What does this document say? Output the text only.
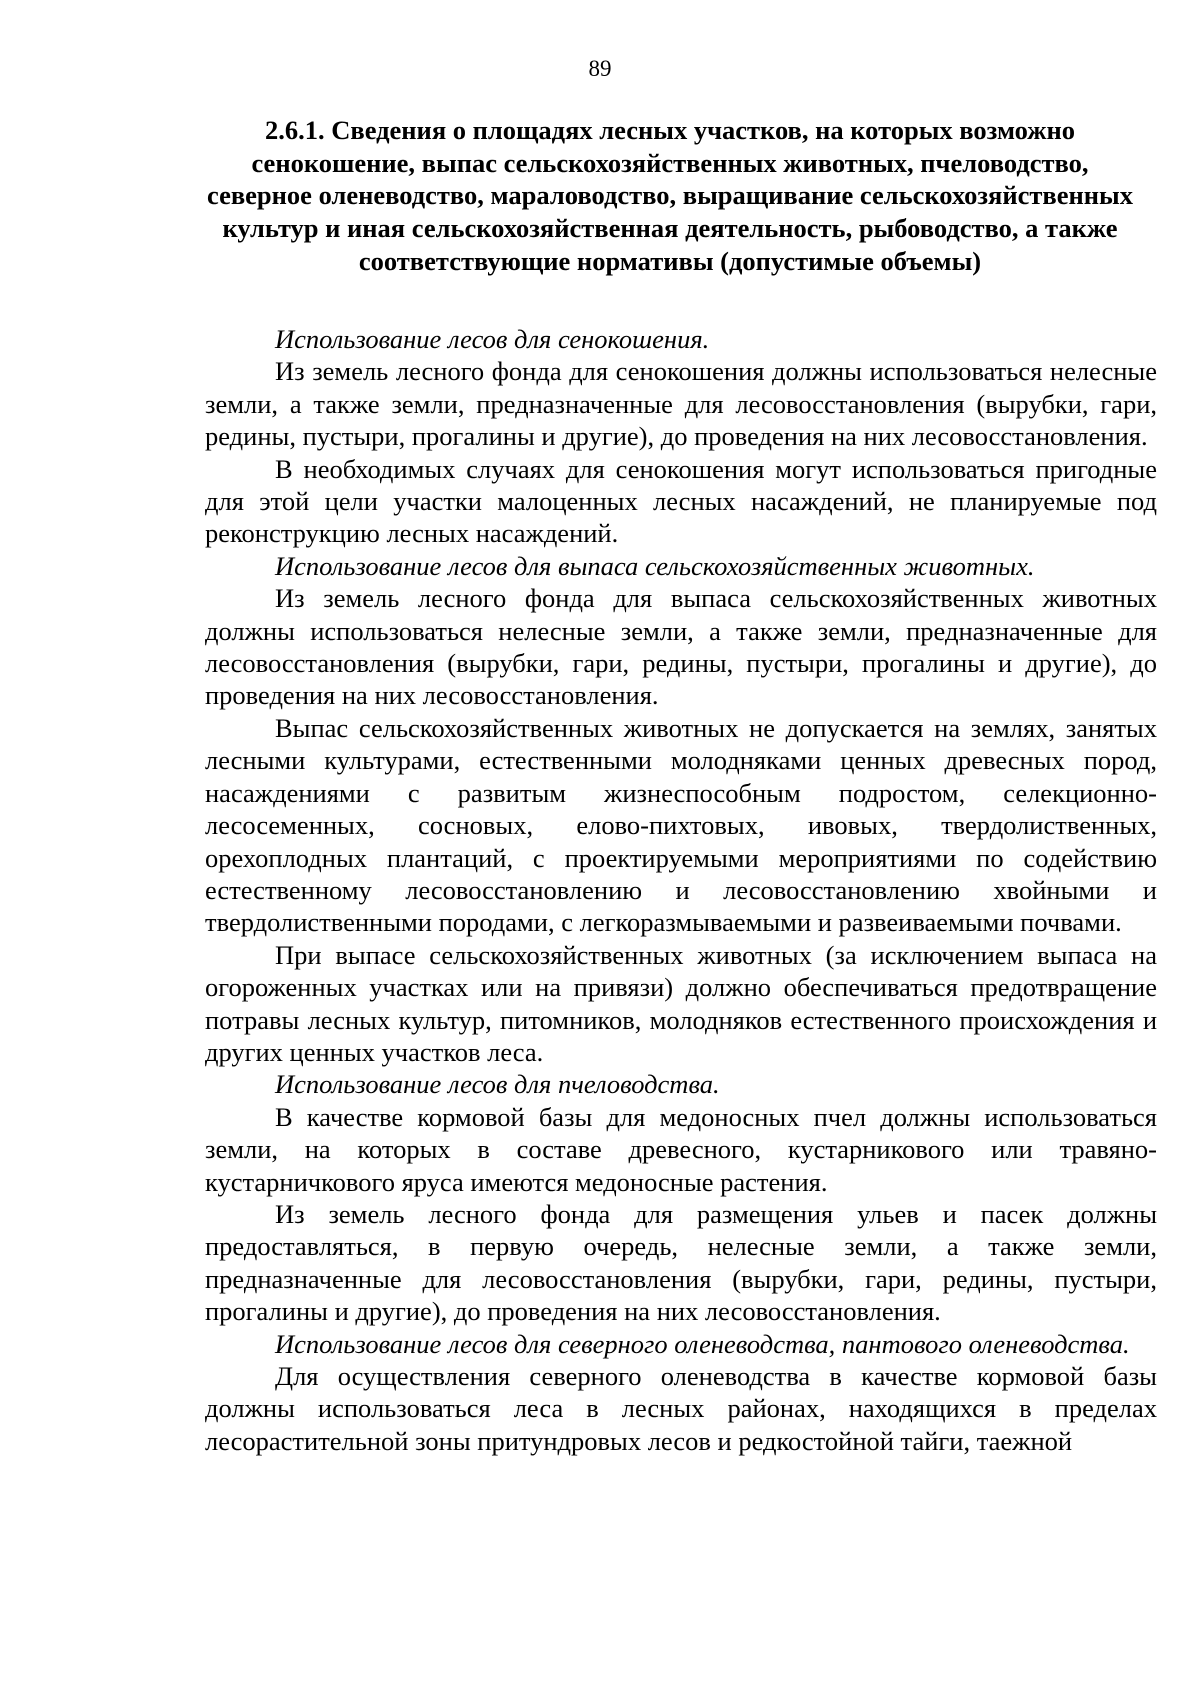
89
2.6.1. Сведения о площадях лесных участков, на которых возможно сенокошение, выпас сельскохозяйственных животных, пчеловодство, северное оленеводство, мараловодство, выращивание сельскохозяйственных культур и иная сельскохозяйственная деятельность, рыбоводство, а также соответствующие нормативы (допустимые объемы)

Использование лесов для сенокошения.

Из земель лесного фонда для сенокошения должны использоваться нелесные земли, а также земли, предназначенные для лесовосстановления (вырубки, гари, редины, пустыри, прогалины и другие), до проведения на них лесовосстановления.

В необходимых случаях для сенокошения могут использоваться пригодные для этой цели участки малоценных лесных насаждений, не планируемые под реконструкцию лесных насаждений.

Использование лесов для выпаса сельскохозяйственных животных.

Из земель лесного фонда для выпаса сельскохозяйственных животных должны использоваться нелесные земли, а также земли, предназначенные для лесовосстановления (вырубки, гари, редины, пустыри, прогалины и другие), до проведения на них лесовосстановления.

Выпас сельскохозяйственных животных не допускается на землях, занятых лесными культурами, естественными молодняками ценных древесных пород, насаждениями с развитым жизнеспособным подростом, селекционно-лесосеменных, сосновых, елово-пихтовых, ивовых, твердолиственных, орехоплодных плантаций, с проектируемыми мероприятиями по содействию естественному лесовосстановлению и лесовосстановлению хвойными и твердолиственными породами, с легкоразмываемыми и развеиваемыми почвами.

При выпасе сельскохозяйственных животных (за исключением выпаса на огороженных участках или на привязи) должно обеспечиваться предотвращение потравы лесных культур, питомников, молодняков естественного происхождения и других ценных участков леса.

Использование лесов для пчеловодства.

В качестве кормовой базы для медоносных пчел должны использоваться земли, на которых в составе древесного, кустарникового или травяно-кустарничкового яруса имеются медоносные растения.

Из земель лесного фонда для размещения ульев и пасек должны предоставляться, в первую очередь, нелесные земли, а также земли, предназначенные для лесовосстановления (вырубки, гари, редины, пустыри, прогалины и другие), до проведения на них лесовосстановления.

Использование лесов для северного оленеводства, пантового оленеводства.

Для осуществления северного оленеводства в качестве кормовой базы должны использоваться леса в лесных районах, находящихся в пределах лесорастительной зоны притундровых лесов и редкостойной тайги, таежной
